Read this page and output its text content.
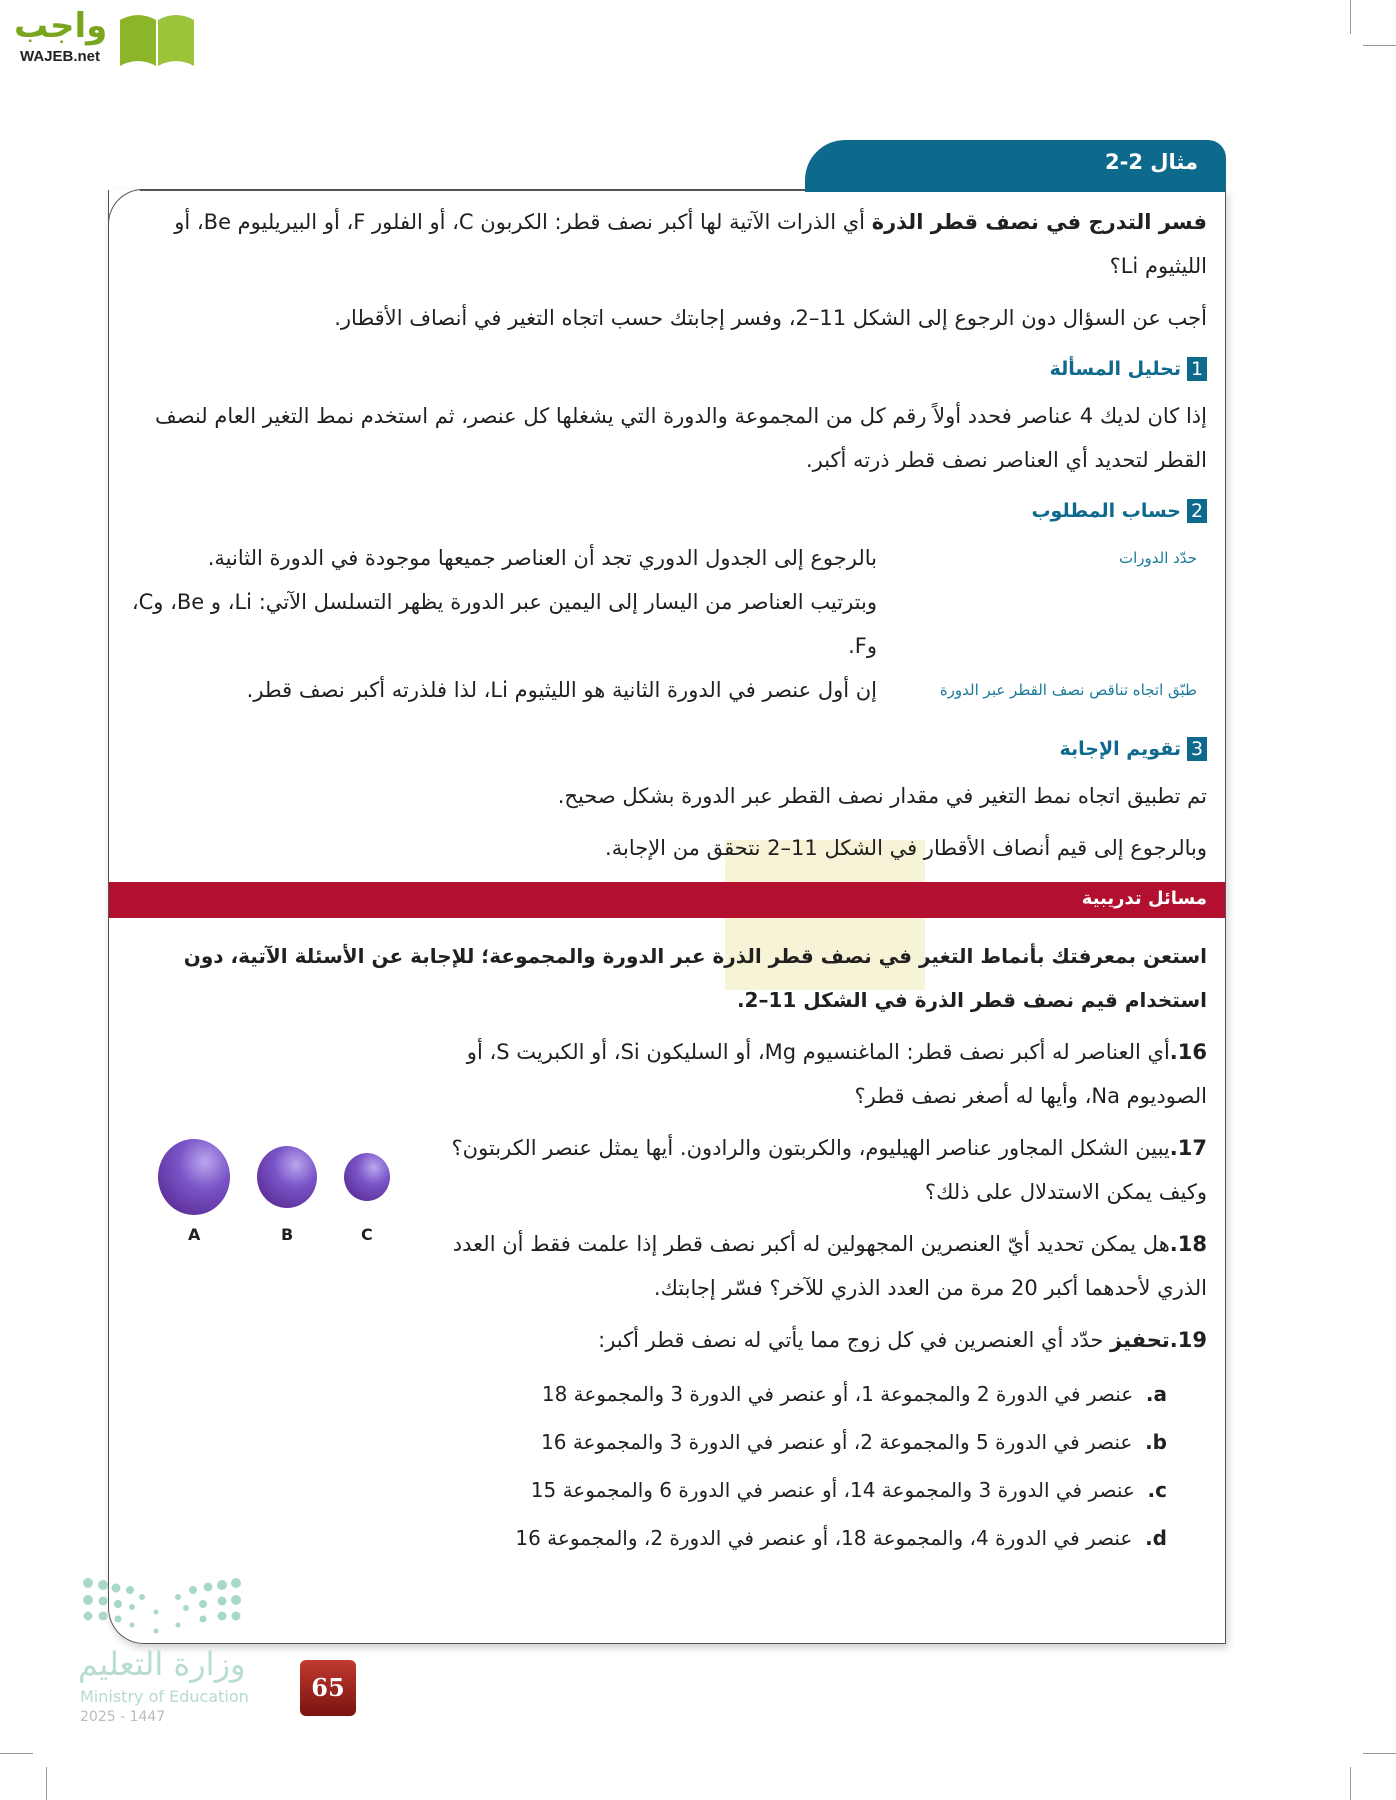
واجب
WAJEB.net
مثال 2-2
فسر التدرج في نصف قطر الذرة أي الذرات الآتية لها أكبر نصف قطر: الكربون C، أو الفلور F، أو البيريليوم Be، أو الليثيوم Li؟
أجب عن السؤال دون الرجوع إلى الشكل 11–2، وفسر إجابتك حسب اتجاه التغير في أنصاف الأقطار.
1تحليل المسألة
إذا كان لديك 4 عناصر فحدد أولاً رقم كل من المجموعة والدورة التي يشغلها كل عنصر، ثم استخدم نمط التغير العام لنصف القطر لتحديد أي العناصر نصف قطر ذرته أكبر.
2حساب المطلوب
حدّد الدورات
بالرجوع إلى الجدول الدوري تجد أن العناصر جميعها موجودة في الدورة الثانية.
وبترتيب العناصر من اليسار إلى اليمين عبر الدورة يظهر التسلسل الآتي: Li، و Be، وC، وF.
طبّق اتجاه تناقص نصف القطر عبر الدورة
إن أول عنصر في الدورة الثانية هو الليثيوم Li، لذا فلذرته أكبر نصف قطر.
3تقويم الإجابة
تم تطبيق اتجاه نمط التغير في مقدار نصف القطر عبر الدورة بشكل صحيح.
وبالرجوع إلى قيم أنصاف الأقطار في الشكل 11–2 نتحقق من الإجابة.
مسائل تدريبية
استعن بمعرفتك بأنماط التغير في نصف قطر الذرة عبر الدورة والمجموعة؛ للإجابة عن الأسئلة الآتية، دون استخدام قيم نصف قطر الذرة في الشكل 11–2.
16.أي العناصر له أكبر نصف قطر: الماغنسيوم Mg، أو السليكون Si، أو الكبريت S، أو الصوديوم Na، وأيها له أصغر نصف قطر؟
17.يبين الشكل المجاور عناصر الهيليوم، والكربتون والرادون. أيها يمثل عنصر الكربتون؟ وكيف يمكن الاستدلال على ذلك؟
18.هل يمكن تحديد أيّ العنصرين المجهولين له أكبر نصف قطر إذا علمت فقط أن العدد الذري لأحدهما أكبر 20 مرة من العدد الذري للآخر؟ فسّر إجابتك.
A	B	C
19.تحفيز حدّد أي العنصرين في كل زوج مما يأتي له نصف قطر أكبر:
a.  عنصر في الدورة 2 والمجموعة 1، أو عنصر في الدورة 3 والمجموعة 18
b.  عنصر في الدورة 5 والمجموعة 2، أو عنصر في الدورة 3 والمجموعة 16
c.  عنصر في الدورة 3 والمجموعة 14، أو عنصر في الدورة 6 والمجموعة 15
d.  عنصر في الدورة 4، والمجموعة 18، أو عنصر في الدورة 2، والمجموعة 16
وزارة التعليم
Ministry of Education
2025 - 1447
65
